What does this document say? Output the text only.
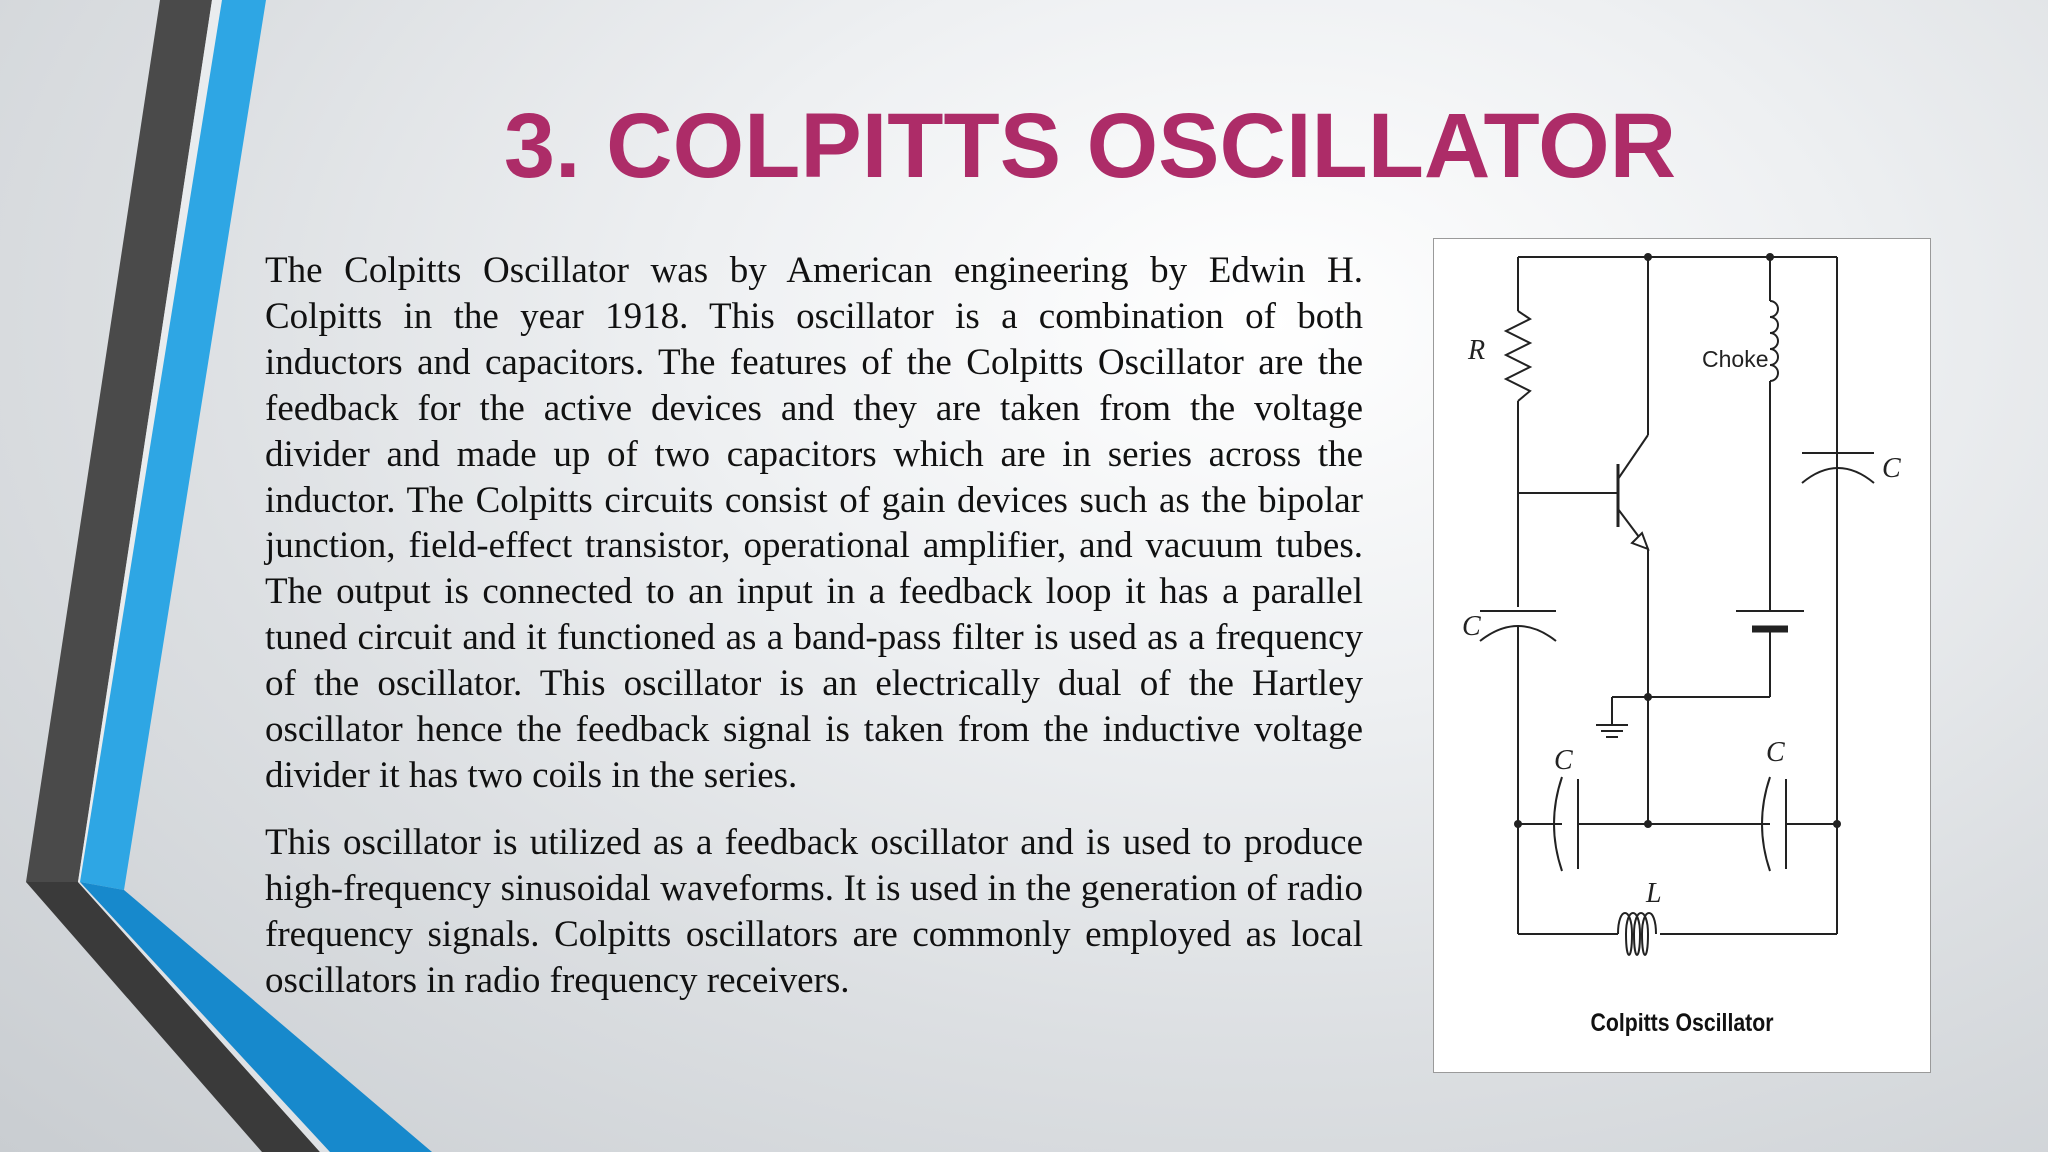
3. COLPITTS OSCILLATOR

The Colpitts Oscillator was by American engineering by Edwin H. Colpitts in the year 1918. This oscillator is a combination of both inductors and capacitors. The features of the Colpitts Oscillator are the feedback for the active devices and they are taken from the voltage divider and made up of two capacitors which are in series across the inductor. The Colpitts circuits consist of gain devices such as the bipolar junction, field-effect transistor, operational amplifier, and vacuum tubes. The output is connected to an input in a feedback loop it has a parallel tuned circuit and it functioned as a band-pass filter is used as a frequency of the oscillator. This oscillator is an electrically dual of the Hartley oscillator hence the feedback signal is taken from the inductive voltage divider it has two coils in the series.

This oscillator is utilized as a feedback oscillator and is used to produce high-frequency sinusoidal waveforms. It is used in the generation of radio frequency signals. Colpitts oscillators are commonly employed as local oscillators in radio frequency receivers.

R	Choke
C
C
C	C
L
Colpitts Oscillator
